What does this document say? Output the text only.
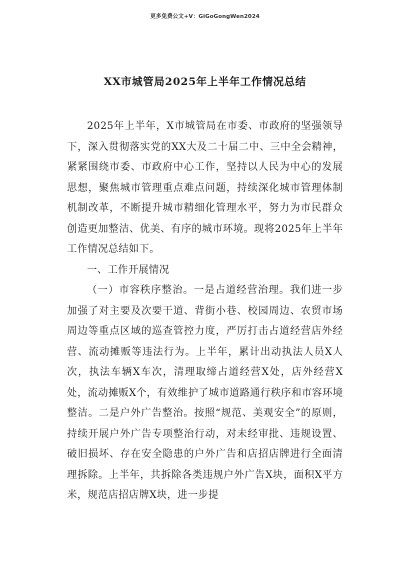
更多免费公文+V：GiGoGongWen2024
XX市城管局2025年上半年工作情况总结

2025年上半年，X市城管局在市委、市政府的坚强领导下，深入贯彻落实党的XX大及二十届二中、三中全会精神，紧紧围绕市委、市政府中心工作，坚持以人民为中心的发展思想，聚焦城市管理重点难点问题，持续深化城市管理体制机制改革，不断提升城市精细化管理水平，努力为市民群众创造更加整洁、优美、有序的城市环境。现将2025年上半年工作情况总结如下。

一、工作开展情况

（一）市容秩序整治。一是占道经营治理。我们进一步加强了对主要及次要干道、背街小巷、校园周边、农贸市场周边等重点区域的巡查管控力度，严厉打击占道经营店外经营、流动摊贩等违法行为。上半年，累计出动执法人员X人次，执法车辆X车次，清理取缔占道经营X处，店外经营X处，流动摊贩X个，有效维护了城市道路通行秩序和市容环境整洁。二是户外广告整治。按照“规范、美观安全”的原则，持续开展户外广告专项整治行动，对未经审批、违规设置、破旧损坏、存在安全隐患的户外广告和店招店牌进行全面清理拆除。上半年，共拆除各类违规户外广告X块，面积X平方米，规范店招店牌X块，进一步提
